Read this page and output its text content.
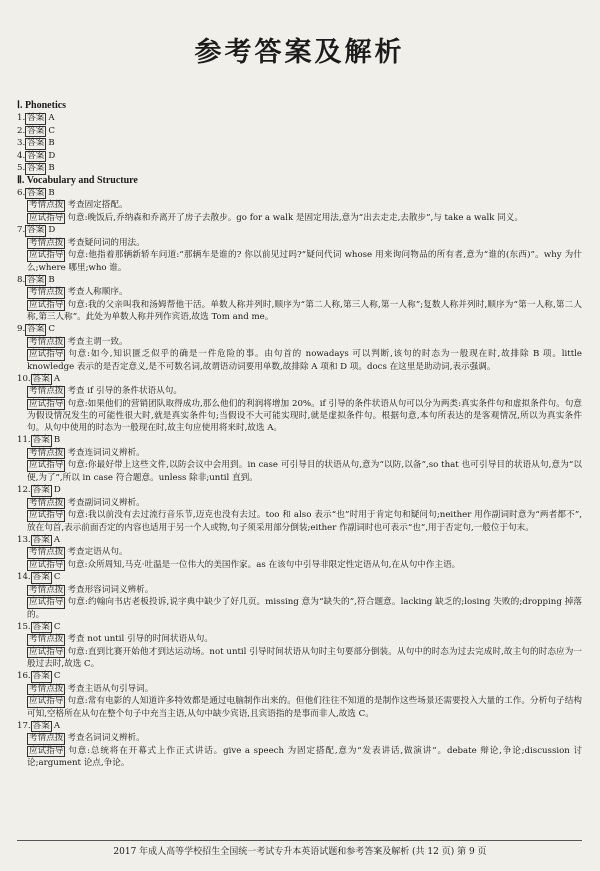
参考答案及解析
Ⅰ. Phonetics
1. 答案 A
2. 答案 C
3. 答案 B
4. 答案 D
5. 答案 B
Ⅱ. Vocabulary and Structure
6. 答案 B
考情点拨 考查固定搭配。
应试指导 句意:晚饭后,乔纳森和乔离开了房子去散步。go for a walk 是固定用法,意为“出去走走,去散步”,与 take a walk 同义。
7. 答案 D
考情点拨 考查疑问词的用法。
应试指导 句意:他指着那辆新轿车问道:“那辆车是谁的? 你以前见过吗?”疑问代词 whose 用来询问物品的所有者,意为“谁的(东西)”。why 为什么;where 哪里;who 谁。
8. 答案 B
考情点拨 考查人称顺序。
应试指导 句意:我的父亲叫我和汤姆帮他干活。单数人称并列时,顺序为“第二人称,第三人称,第一人称”;复数人称并列时,顺序为“第一人称,第二人称,第三人称”。此处为单数人称并列作宾语,故选 Tom and me。
9. 答案 C
考情点拨 考查主谓一致。
应试指导 句意:如今,知识匮乏似乎的确是一件危险的事。由句首的 nowadays 可以判断,该句的时态为一般现在时,故排除 B 项。little knowledge 表示的是否定意义,是不可数名词,故谓语动词要用单数,故排除 A 项和 D 项。docs 在这里是助动词,表示强调。
10. 答案 A
考情点拨 考查 if 引导的条件状语从句。
应试指导 句意:如果他们的营销团队取得成功,那么他们的利润将增加 20%。if 引导的条件状语从句可以分为两类:真实条件句和虚拟条件句。句意为假设情况发生的可能性很大时,就是真实条件句;当假设不大可能实现时,就是虚拟条件句。根据句意,本句所表达的是客观情况,所以为真实条件句。从句中使用的时态为一般现在时,故主句应使用将来时,故选 A。
11. 答案 B
考情点拨 考查连词词义辨析。
应试指导 句意:你最好带上这些文件,以防会议中会用到。in case 可引导目的状语从句,意为“以防,以备”,so that 也可引导目的状语从句,意为“以便,为了”,所以 in case 符合题意。unless 除非;until 直到。
12. 答案 D
考情点拨 考查副词词义辨析。
应试指导 句意:我以前没有去过流行音乐节,迈克也没有去过。too 和 also 表示“也”时用于肯定句和疑问句;neither 用作副词时意为“两者都不”,放在句首,表示前面否定的内容也适用于另一个人或物,句子须采用部分倒装;either 作副词时也可表示“也”,用于否定句,一般位于句末。
13. 答案 A
考情点拨 考查定语从句。
应试指导 句意:众所周知,马克·吐温是一位伟大的美国作家。as 在该句中引导非限定性定语从句,在从句中作主语。
14. 答案 C
考情点拨 考查形容词词义辨析。
应试指导 句意:约翰向书店老板投诉,说字典中缺少了好几页。missing 意为“缺失的”,符合题意。lacking 缺乏的;losing 失败的;dropping 掉落的。
15. 答案 C
考情点拨 考查 not until 引导的时间状语从句。
应试指导 句意:直到比赛开始他才到达运动场。not until 引导时间状语从句时主句要部分倒装。从句中的时态为过去完成时,故主句的时态应为一般过去时,故选 C。
16. 答案 C
考情点拨 考查主语从句引导词。
应试指导 句意:常有电影的人知道许多特效都是通过电脑制作出来的。但他们往往不知道的是制作这些场景还需要投入大量的工作。分析句子结构可知,空格所在从句在整个句子中充当主语,从句中缺少宾语,且宾语指的是事而非人,故选 C。
17. 答案 A
考情点拨 考查名词词义辨析。
应试指导 句意:总统将在开幕式上作正式讲话。give a speech 为固定搭配,意为“发表讲话,做演讲”。debate 辩论,争论;discussion 讨论;argument 论点,争论。
2017 年成人高等学校招生全国统一考试专升本英语试题和参考答案及解析 (共 12 页) 第 9 页
